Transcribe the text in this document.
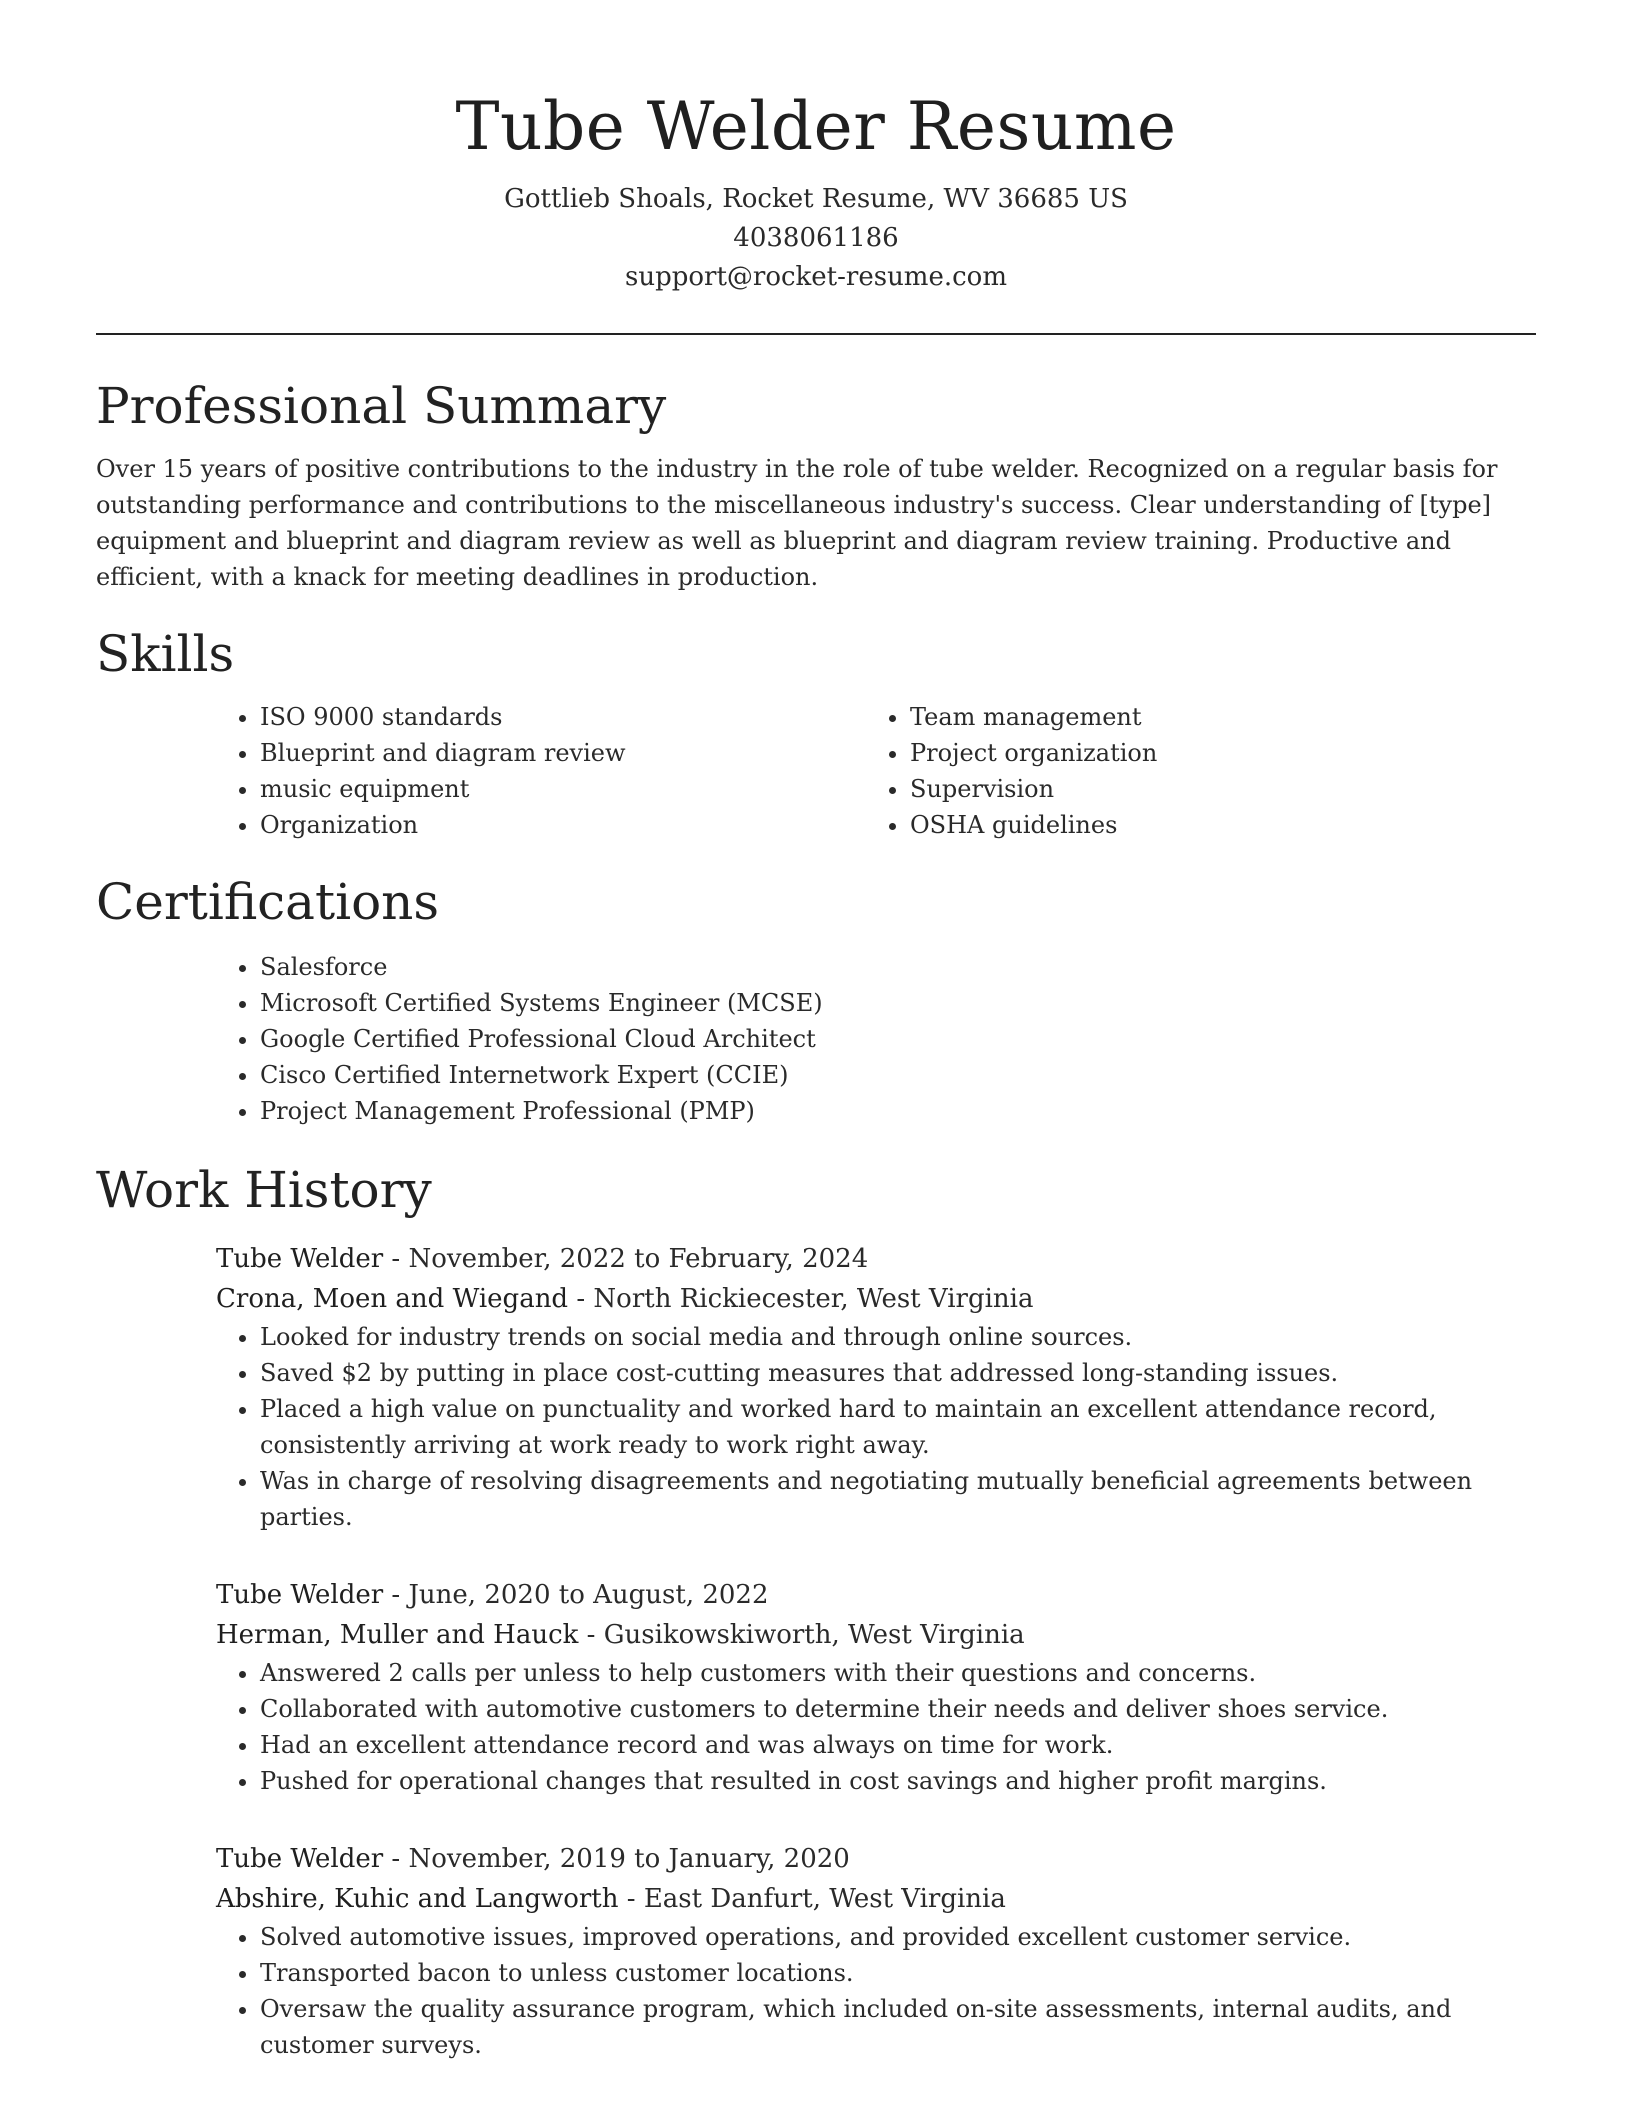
Tube Welder Resume
Gottlieb Shoals, Rocket Resume, WV 36685 US
4038061186
support@rocket-resume.com
Professional Summary

Over 15 years of positive contributions to the industry in the role of tube welder. Recognized on a regular basis for outstanding performance and contributions to the miscellaneous industry's success. Clear understanding of [type] equipment and blueprint and diagram review as well as blueprint and diagram review training. Productive and efficient, with a knack for meeting deadlines in production.

Skills
• ISO 9000 standards
• Blueprint and diagram review
• music equipment
• Organization
• Team management
• Project organization
• Supervision
• OSHA guidelines
Certifications
• Salesforce
• Microsoft Certified Systems Engineer (MCSE)
• Google Certified Professional Cloud Architect
• Cisco Certified Internetwork Expert (CCIE)
• Project Management Professional (PMP)
Work History
Tube Welder - November, 2022 to February, 2024
Crona, Moen and Wiegand - North Rickiecester, West Virginia
• Looked for industry trends on social media and through online sources.
• Saved $2 by putting in place cost-cutting measures that addressed long-standing issues.
• Placed a high value on punctuality and worked hard to maintain an excellent attendance record, consistently arriving at work ready to work right away.
• Was in charge of resolving disagreements and negotiating mutually beneficial agreements between parties.
Tube Welder - June, 2020 to August, 2022
Herman, Muller and Hauck - Gusikowskiworth, West Virginia
• Answered 2 calls per unless to help customers with their questions and concerns.
• Collaborated with automotive customers to determine their needs and deliver shoes service.
• Had an excellent attendance record and was always on time for work.
• Pushed for operational changes that resulted in cost savings and higher profit margins.
Tube Welder - November, 2019 to January, 2020
Abshire, Kuhic and Langworth - East Danfurt, West Virginia
• Solved automotive issues, improved operations, and provided excellent customer service.
• Transported bacon to unless customer locations.
• Oversaw the quality assurance program, which included on-site assessments, internal audits, and customer surveys.
